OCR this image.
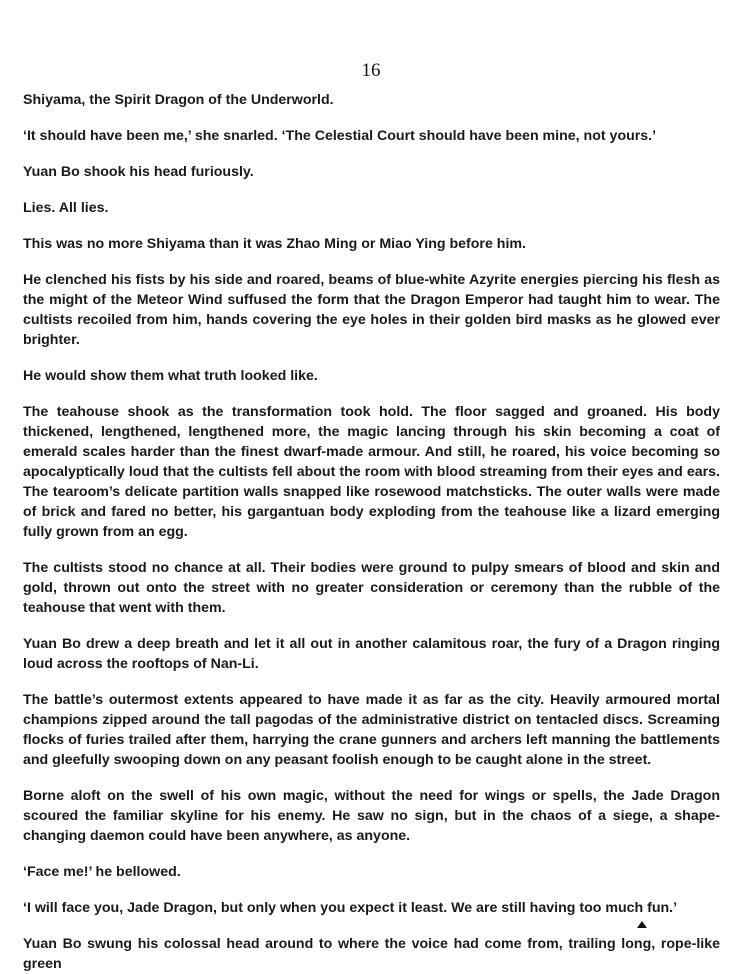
16

Shiyama, the Spirit Dragon of the Underworld.

‘It should have been me,’ she snarled. ‘The Celestial Court should have been mine, not yours.’

Yuan Bo shook his head furiously.

Lies. All lies.

This was no more Shiyama than it was Zhao Ming or Miao Ying before him.

He clenched his fists by his side and roared, beams of blue-white Azyrite energies piercing his flesh as the might of the Meteor Wind suffused the form that the Dragon Emperor had taught him to wear. The cultists recoiled from him, hands covering the eye holes in their golden bird masks as he glowed ever brighter.

He would show them what truth looked like.

The teahouse shook as the transformation took hold. The floor sagged and groaned. His body thickened, lengthened, lengthened more, the magic lancing through his skin becoming a coat of emerald scales harder than the finest dwarf-made armour. And still, he roared, his voice becoming so apocalyptically loud that the cultists fell about the room with blood streaming from their eyes and ears. The tearoom’s delicate partition walls snapped like rosewood matchsticks. The outer walls were made of brick and fared no better, his gargantuan body exploding from the teahouse like a lizard emerging fully grown from an egg.

The cultists stood no chance at all. Their bodies were ground to pulpy smears of blood and skin and gold, thrown out onto the street with no greater consideration or ceremony than the rubble of the teahouse that went with them.

Yuan Bo drew a deep breath and let it all out in another calamitous roar, the fury of a Dragon ringing loud across the rooftops of Nan-Li.

The battle’s outermost extents appeared to have made it as far as the city. Heavily armoured mortal champions zipped around the tall pagodas of the administrative district on tentacled discs. Screaming flocks of furies trailed after them, harrying the crane gunners and archers left manning the battlements and gleefully swooping down on any peasant foolish enough to be caught alone in the street.

Borne aloft on the swell of his own magic, without the need for wings or spells, the Jade Dragon scoured the familiar skyline for his enemy. He saw no sign, but in the chaos of a siege, a shape-changing daemon could have been anywhere, as anyone.

‘Face me!’ he bellowed.

‘I will face you, Jade Dragon, but only when you expect it least. We are still having too much fun.’

Yuan Bo swung his colossal head around to where the voice had come from, trailing long, rope-like green
